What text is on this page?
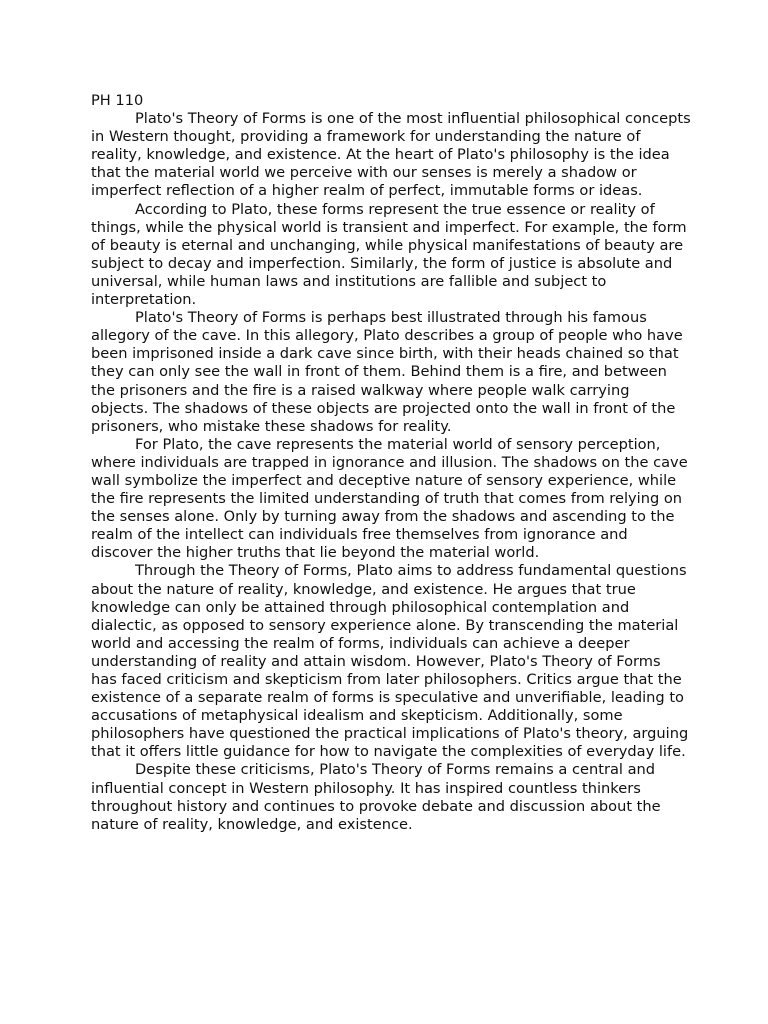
PH 110

Plato's Theory of Forms is one of the most influential philosophical concepts in Western thought, providing a framework for understanding the nature of reality, knowledge, and existence. At the heart of Plato's philosophy is the idea that the material world we perceive with our senses is merely a shadow or imperfect reflection of a higher realm of perfect, immutable forms or ideas.

According to Plato, these forms represent the true essence or reality of things, while the physical world is transient and imperfect. For example, the form of beauty is eternal and unchanging, while physical manifestations of beauty are subject to decay and imperfection. Similarly, the form of justice is absolute and universal, while human laws and institutions are fallible and subject to interpretation.

Plato's Theory of Forms is perhaps best illustrated through his famous allegory of the cave. In this allegory, Plato describes a group of people who have been imprisoned inside a dark cave since birth, with their heads chained so that they can only see the wall in front of them. Behind them is a fire, and between the prisoners and the fire is a raised walkway where people walk carrying objects. The shadows of these objects are projected onto the wall in front of the prisoners, who mistake these shadows for reality.

For Plato, the cave represents the material world of sensory perception, where individuals are trapped in ignorance and illusion. The shadows on the cave wall symbolize the imperfect and deceptive nature of sensory experience, while the fire represents the limited understanding of truth that comes from relying on the senses alone. Only by turning away from the shadows and ascending to the realm of the intellect can individuals free themselves from ignorance and discover the higher truths that lie beyond the material world.

Through the Theory of Forms, Plato aims to address fundamental questions about the nature of reality, knowledge, and existence. He argues that true knowledge can only be attained through philosophical contemplation and dialectic, as opposed to sensory experience alone. By transcending the material world and accessing the realm of forms, individuals can achieve a deeper understanding of reality and attain wisdom. However, Plato's Theory of Forms has faced criticism and skepticism from later philosophers. Critics argue that the existence of a separate realm of forms is speculative and unverifiable, leading to accusations of metaphysical idealism and skepticism. Additionally, some philosophers have questioned the practical implications of Plato's theory, arguing that it offers little guidance for how to navigate the complexities of everyday life.

Despite these criticisms, Plato's Theory of Forms remains a central and influential concept in Western philosophy. It has inspired countless thinkers throughout history and continues to provoke debate and discussion about the nature of reality, knowledge, and existence.
